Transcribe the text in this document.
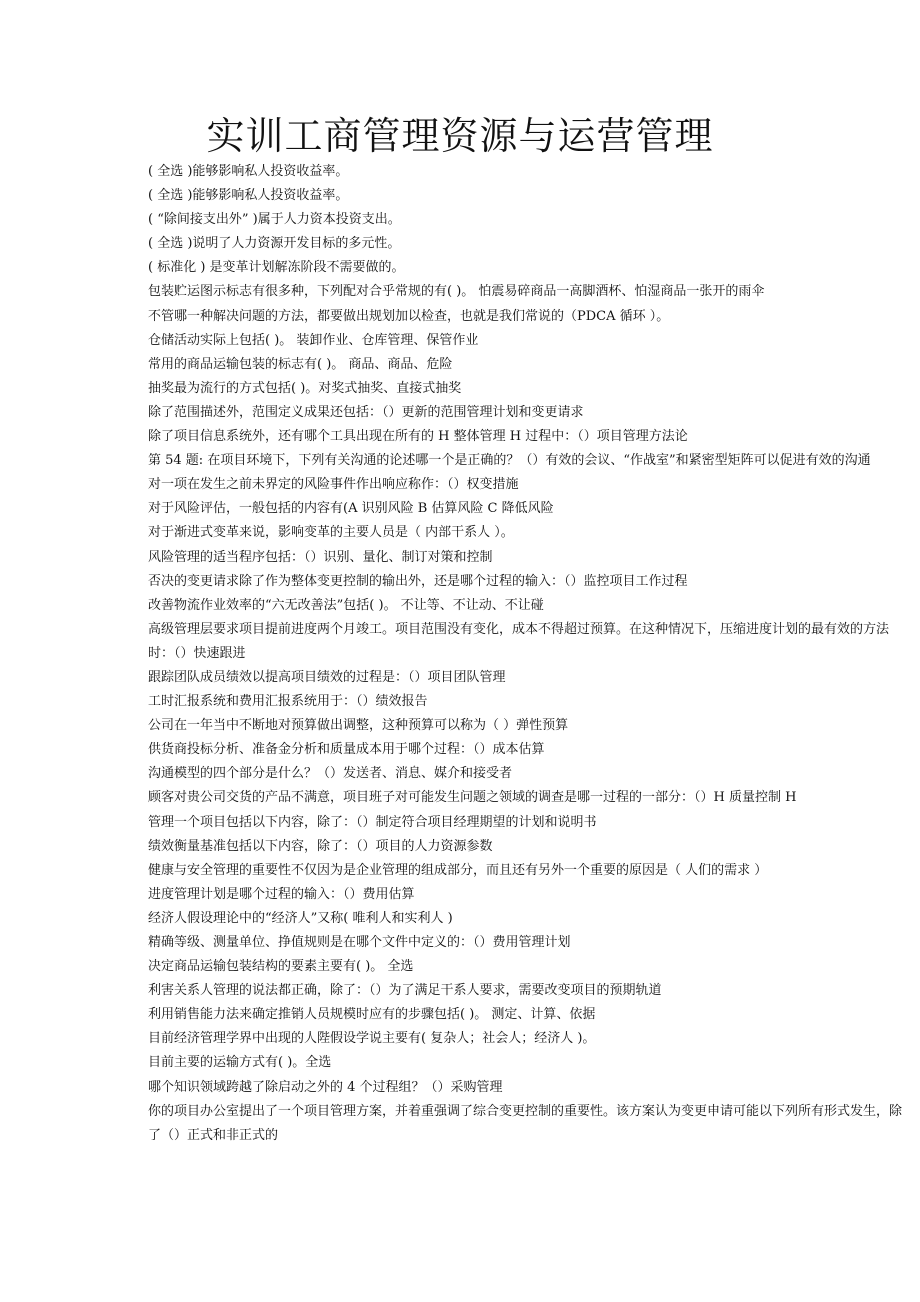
cn
实训工商管理资源与运营管理
( 全选 )能够影响私人投资收益率。
( 全选 )能够影响私人投资收益率。
( “除间接支出外” )属于人力资本投资支出。
( 全选 )说明了人力资源开发目标的多元性。
( 标准化 ) 是变革计划解冻阶段不需要做的。
包装贮运图示标志有很多种，下列配对合乎常规的有( )。 怕震易碎商品一高脚酒杯、怕湿商品一张开的雨伞
不管哪一种解决问题的方法，都要做出规划加以检查，也就是我们常说的（PDCA 循环 ）。
仓储活动实际上包括( )。 装卸作业、仓库管理、保管作业
常用的商品运输包装的标志有( )。 商品、商品、危险
抽奖最为流行的方式包括( )。对奖式抽奖、直接式抽奖
除了范围描述外，范围定义成果还包括：（）更新的范围管理计划和变更请求
除了项目信息系统外，还有哪个工具出现在所有的 H 整体管理 H 过程中：（）项目管理方法论
第 54 题: 在项目环境下，下列有关沟通的论述哪一个是正确的？（）有效的会议、“作战室”和紧密型矩阵可以促进有效的沟通
对一项在发生之前未界定的风险事件作出响应称作：（）权变措施
对于风险评估，一般包括的内容有(A 识别风险 B 估算风险 C 降低风险
对于渐进式变革来说，影响变革的主要人员是（ 内部干系人 ）。
风险管理的适当程序包括：（）识别、量化、制订对策和控制
否决的变更请求除了作为整体变更控制的输出外，还是哪个过程的输入：（）监控项目工作过程
改善物流作业效率的“六无改善法”包括( )。 不让等、不让动、不让碰
高级管理层要求项目提前进度两个月竣工。项目范围没有变化，成本不得超过预算。在这种情况下，压缩进度计划的最有效的方法时：（）快速跟进
跟踪团队成员绩效以提高项目绩效的过程是：（）项目团队管理
工时汇报系统和费用汇报系统用于：（）绩效报告
公司在一年当中不断地对预算做出调整，这种预算可以称为（ ）弹性预算
供货商投标分析、准备金分析和质量成本用于哪个过程：（）成本估算
沟通模型的四个部分是什么？（）发送者、消息、媒介和接受者
顾客对贵公司交货的产品不满意，项目班子对可能发生问题之领域的调查是哪一过程的一部分：（）H 质量控制 H
管理一个项目包括以下内容，除了：（）制定符合项目经理期望的计划和说明书
绩效衡量基准包括以下内容，除了：（）项目的人力资源参数
健康与安全管理的重要性不仅因为是企业管理的组成部分，而且还有另外一个重要的原因是（ 人们的需求 ）
进度管理计划是哪个过程的输入：（）费用估算
经济人假设理论中的“经济人”又称( 唯利人和实利人 )
精确等级、测量单位、挣值规则是在哪个文件中定义的：（）费用管理计划
决定商品运输包装结构的要素主要有( )。 全选
利害关系人管理的说法都正确，除了：（）为了满足干系人要求，需要改变项目的预期轨道
利用销售能力法来确定推销人员规模时应有的步骤包括( )。 测定、计算、依据
目前经济管理学界中出现的人陛假设学说主要有( 复杂人；社会人；经济人 )。
目前主要的运输方式有( )。全选
哪个知识领域跨越了除启动之外的 4 个过程组？（）采购管理
你的项目办公室提出了一个项目管理方案，并着重强调了综合变更控制的重要性。该方案认为变更申请可能以下列所有形式发生，除了（）正式和非正式的
